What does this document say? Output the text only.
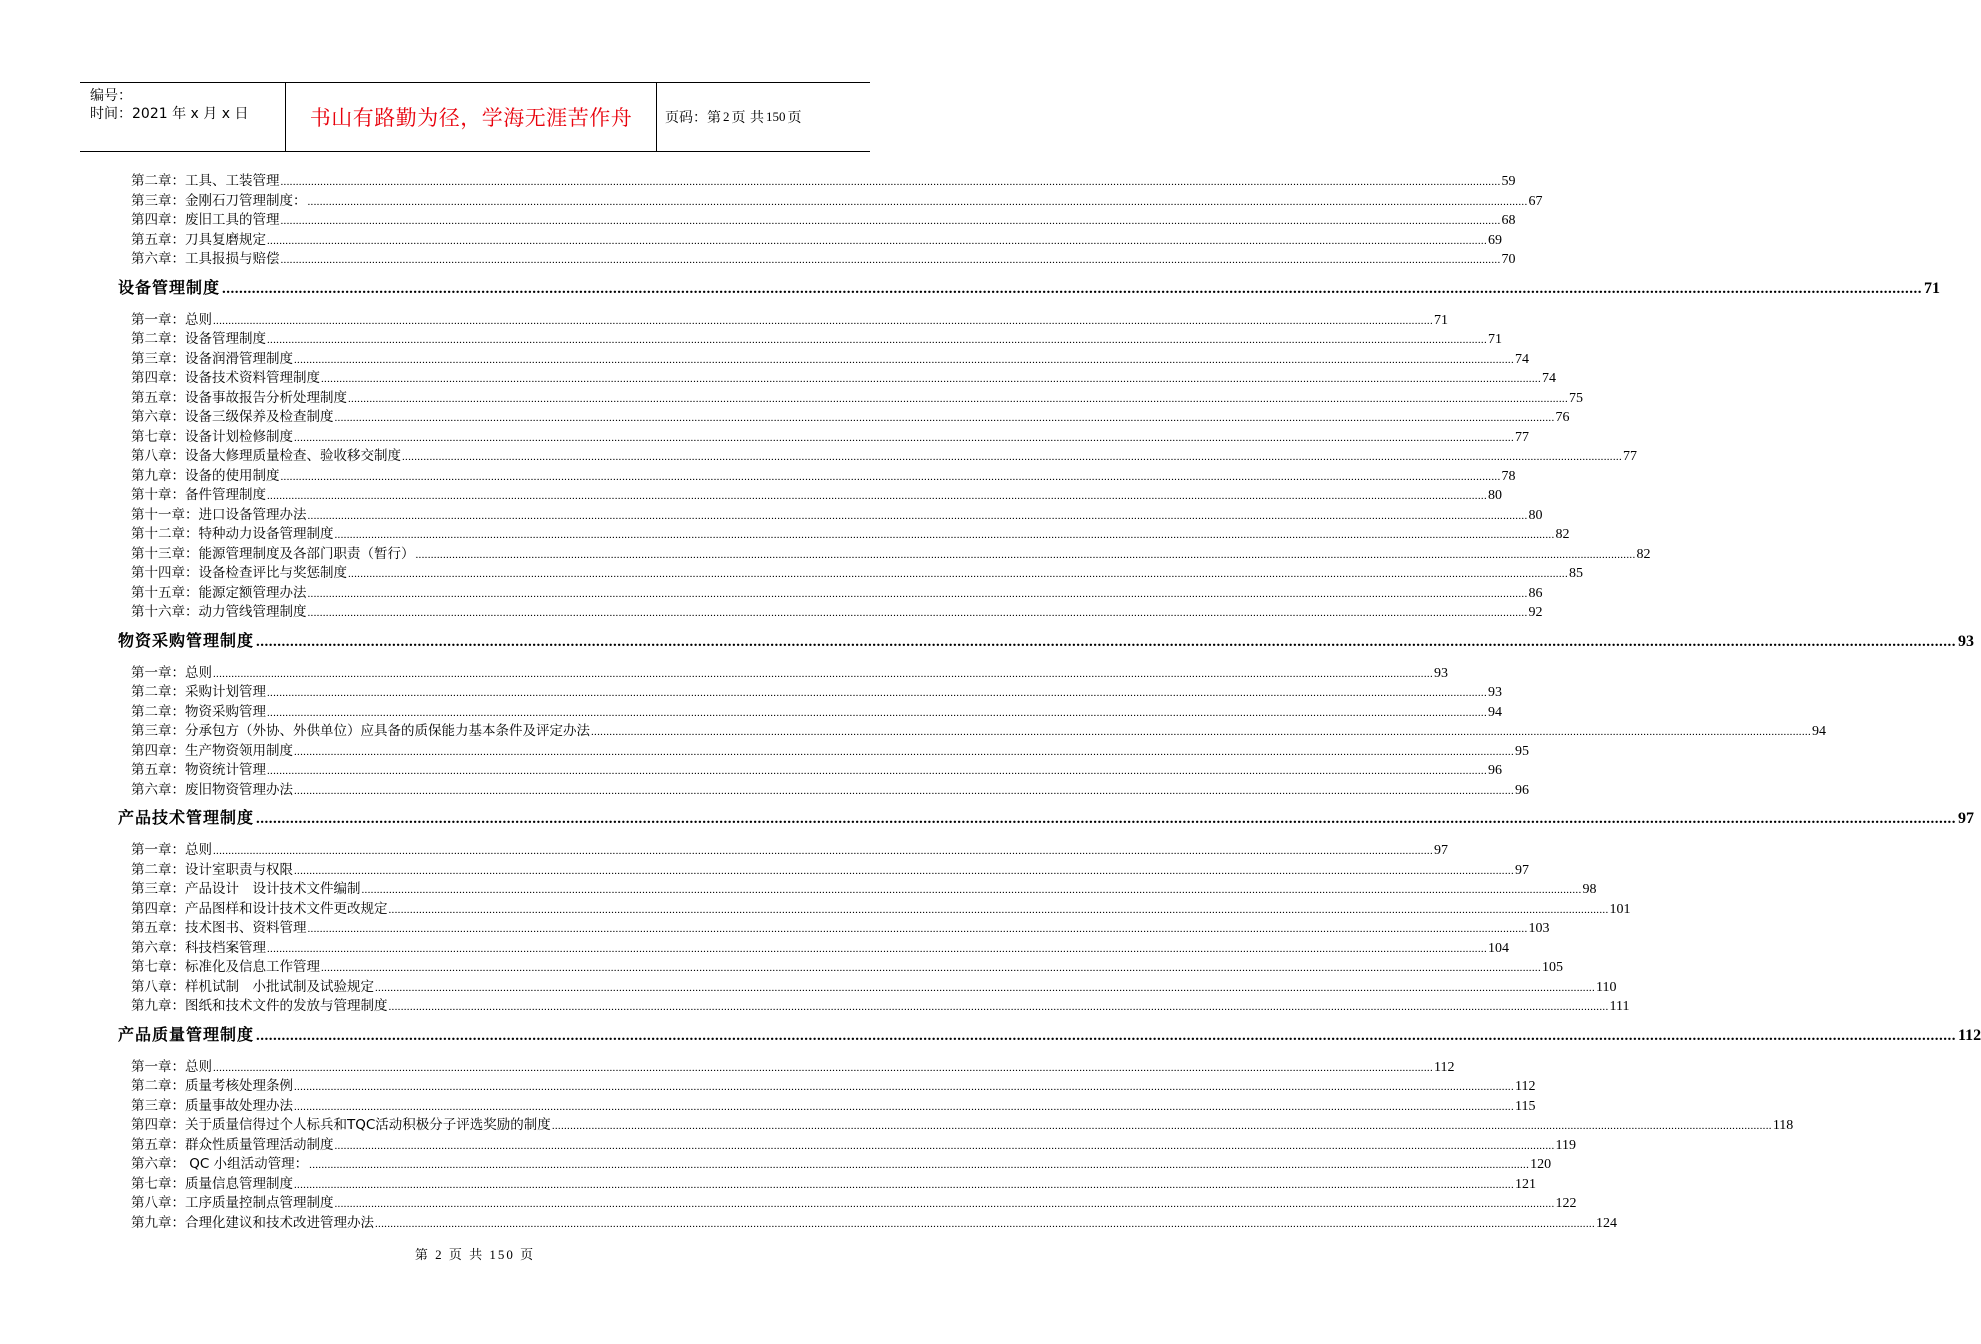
编号：
时间：2021 年 x 月 x 日	书山有路勤为径，学海无涯苦作舟	页码：第 2 页 共 150 页
第二章：工具、工装管理 ................................................................................................................................................................................................................................................................................................................................................................................................................ 59
第三章：金刚石刀管理制度： ................................................................................................................................................................................................................................................................................................................................................................................................................ 67
第四章：废旧工具的管理 ................................................................................................................................................................................................................................................................................................................................................................................................................ 68
第五章：刀具复磨规定 ................................................................................................................................................................................................................................................................................................................................................................................................................ 69
第六章：工具报损与赔偿 ................................................................................................................................................................................................................................................................................................................................................................................................................ 70
设备管理制度 ................................................................................................................................................................................................................................................................................................................................................................................................................ 71
第一章：总则 ................................................................................................................................................................................................................................................................................................................................................................................................................ 71
第二章：设备管理制度 ................................................................................................................................................................................................................................................................................................................................................................................................................ 71
第三章：设备润滑管理制度 ................................................................................................................................................................................................................................................................................................................................................................................................................ 74
第四章：设备技术资料管理制度 ................................................................................................................................................................................................................................................................................................................................................................................................................ 74
第五章：设备事故报告分析处理制度 ................................................................................................................................................................................................................................................................................................................................................................................................................ 75
第六章：设备三级保养及检查制度 ................................................................................................................................................................................................................................................................................................................................................................................................................ 76
第七章：设备计划检修制度 ................................................................................................................................................................................................................................................................................................................................................................................................................ 77
第八章：设备大修理质量检查、验收移交制度 ................................................................................................................................................................................................................................................................................................................................................................................................................ 77
第九章：设备的使用制度 ................................................................................................................................................................................................................................................................................................................................................................................................................ 78
第十章：备件管理制度 ................................................................................................................................................................................................................................................................................................................................................................................................................ 80
第十一章：进口设备管理办法 ................................................................................................................................................................................................................................................................................................................................................................................................................ 80
第十二章：特种动力设备管理制度 ................................................................................................................................................................................................................................................................................................................................................................................................................ 82
第十三章：能源管理制度及各部门职责（暂行） ................................................................................................................................................................................................................................................................................................................................................................................................................ 82
第十四章：设备检查评比与奖惩制度 ................................................................................................................................................................................................................................................................................................................................................................................................................ 85
第十五章：能源定额管理办法 ................................................................................................................................................................................................................................................................................................................................................................................................................ 86
第十六章：动力管线管理制度 ................................................................................................................................................................................................................................................................................................................................................................................................................ 92
物资采购管理制度 ................................................................................................................................................................................................................................................................................................................................................................................................................ 93
第一章：总则 ................................................................................................................................................................................................................................................................................................................................................................................................................ 93
第二章：采购计划管理 ................................................................................................................................................................................................................................................................................................................................................................................................................ 93
第二章：物资采购管理 ................................................................................................................................................................................................................................................................................................................................................................................................................ 94
第三章：分承包方（外协、外供单位）应具备的质保能力基本条件及评定办法 ................................................................................................................................................................................................................................................................................................................................................................................................................ 94
第四章：生产物资领用制度 ................................................................................................................................................................................................................................................................................................................................................................................................................ 95
第五章：物资统计管理 ................................................................................................................................................................................................................................................................................................................................................................................................................ 96
第六章：废旧物资管理办法 ................................................................................................................................................................................................................................................................................................................................................................................................................ 96
产品技术管理制度 ................................................................................................................................................................................................................................................................................................................................................................................................................ 97
第一章：总则 ................................................................................................................................................................................................................................................................................................................................................................................................................ 97
第二章：设计室职责与权限 ................................................................................................................................................................................................................................................................................................................................................................................................................ 97
第三章：产品设计　设计技术文件编制 ................................................................................................................................................................................................................................................................................................................................................................................................................ 98
第四章：产品图样和设计技术文件更改规定 ................................................................................................................................................................................................................................................................................................................................................................................................................ 101
第五章：技术图书、资料管理 ................................................................................................................................................................................................................................................................................................................................................................................................................ 103
第六章：科技档案管理 ................................................................................................................................................................................................................................................................................................................................................................................................................ 104
第七章：标准化及信息工作管理 ................................................................................................................................................................................................................................................................................................................................................................................................................ 105
第八章：样机试制　小批试制及试验规定 ................................................................................................................................................................................................................................................................................................................................................................................................................ 110
第九章：图纸和技术文件的发放与管理制度 ................................................................................................................................................................................................................................................................................................................................................................................................................ 111
产品质量管理制度 ................................................................................................................................................................................................................................................................................................................................................................................................................ 112
第一章：总则 ................................................................................................................................................................................................................................................................................................................................................................................................................ 112
第二章：质量考核处理条例 ................................................................................................................................................................................................................................................................................................................................................................................................................ 112
第三章：质量事故处理办法 ................................................................................................................................................................................................................................................................................................................................................................................................................ 115
第四章：关于质量信得过个人标兵和TQC活动积极分子评选奖励的制度 ................................................................................................................................................................................................................................................................................................................................................................................................................ 118
第五章：群众性质量管理活动制度 ................................................................................................................................................................................................................................................................................................................................................................................................................ 119
第六章： QC 小组活动管理： ................................................................................................................................................................................................................................................................................................................................................................................................................ 120
第七章：质量信息管理制度 ................................................................................................................................................................................................................................................................................................................................................................................................................ 121
第八章：工序质量控制点管理制度 ................................................................................................................................................................................................................................................................................................................................................................................................................ 122
第九章：合理化建议和技术改进管理办法 ................................................................................................................................................................................................................................................................................................................................................................................................................ 124
第 2 页 共 150 页
